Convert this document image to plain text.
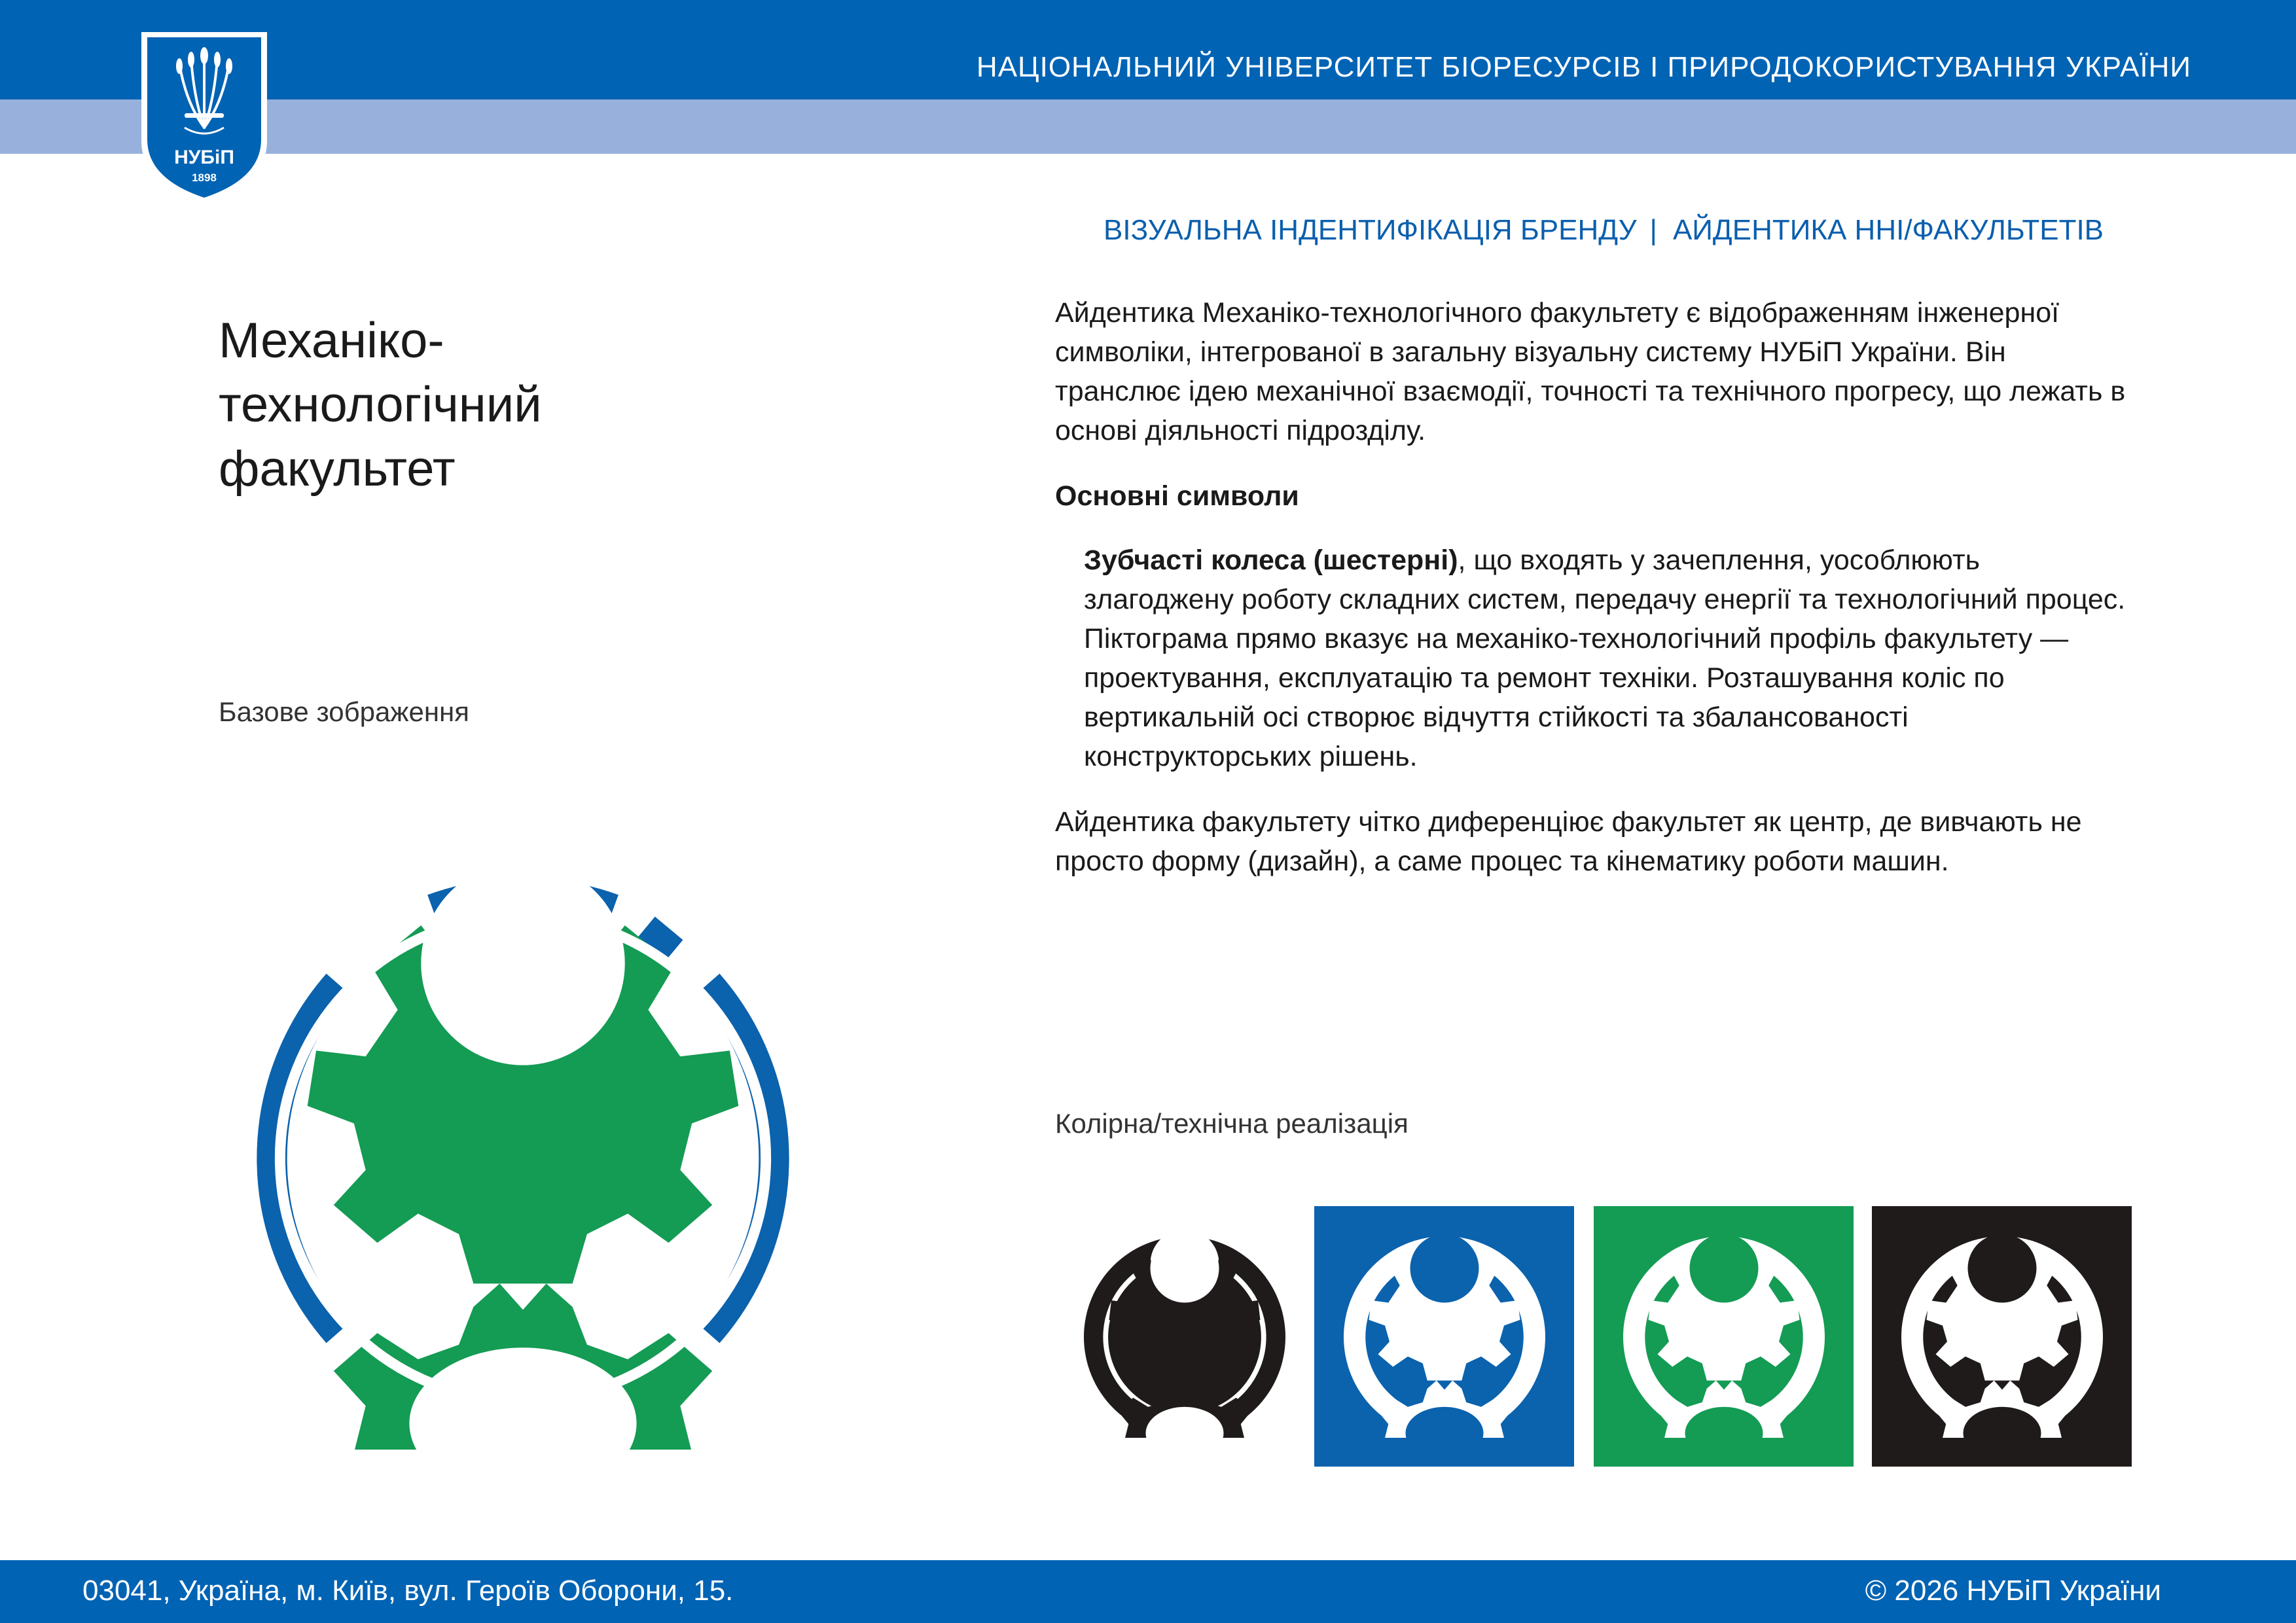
НАЦІОНАЛЬНИЙ УНІВЕРСИТЕТ БІОРЕСУРСІВ І ПРИРОДОКОРИСТУВАННЯ УКРАЇНИ
ВІЗУАЛЬНА ІНДЕНТИФІКАЦІЯ БРЕНДУ | АЙДЕНТИКА ННІ/ФАКУЛЬТЕТІВ
НУБіП
1898
Механіко-
технологічний
факультет
Базове зображення

Айдентика Механіко-технологічного факультету є відображенням інженерної символіки, інтегрованої в загальну візуальну систему НУБіП України. Він транслює ідею механічної взаємодії, точності та технічного прогресу, що лежать в основі діяльності підрозділу.

Основні символи

Зубчасті колеса (шестерні), що входять у зачеплення, уособлюють злагоджену роботу складних систем, передачу енергії та технологічний процес. Піктограма прямо вказує на механіко-технологічний профіль факультету — проектування, експлуатацію та ремонт техніки. Розташування коліс по вертикальній осі створює відчуття стійкості та збалансованості конструкторських рішень.

Айдентика факультету чітко диференціює факультет як центр, де вивчають не просто форму (дизайн), а саме процес та кінематику роботи машин.

Колірна/технічна реалізація
03041, Україна, м. Київ, вул. Героїв Оборони, 15.	© 2026 НУБіП України
